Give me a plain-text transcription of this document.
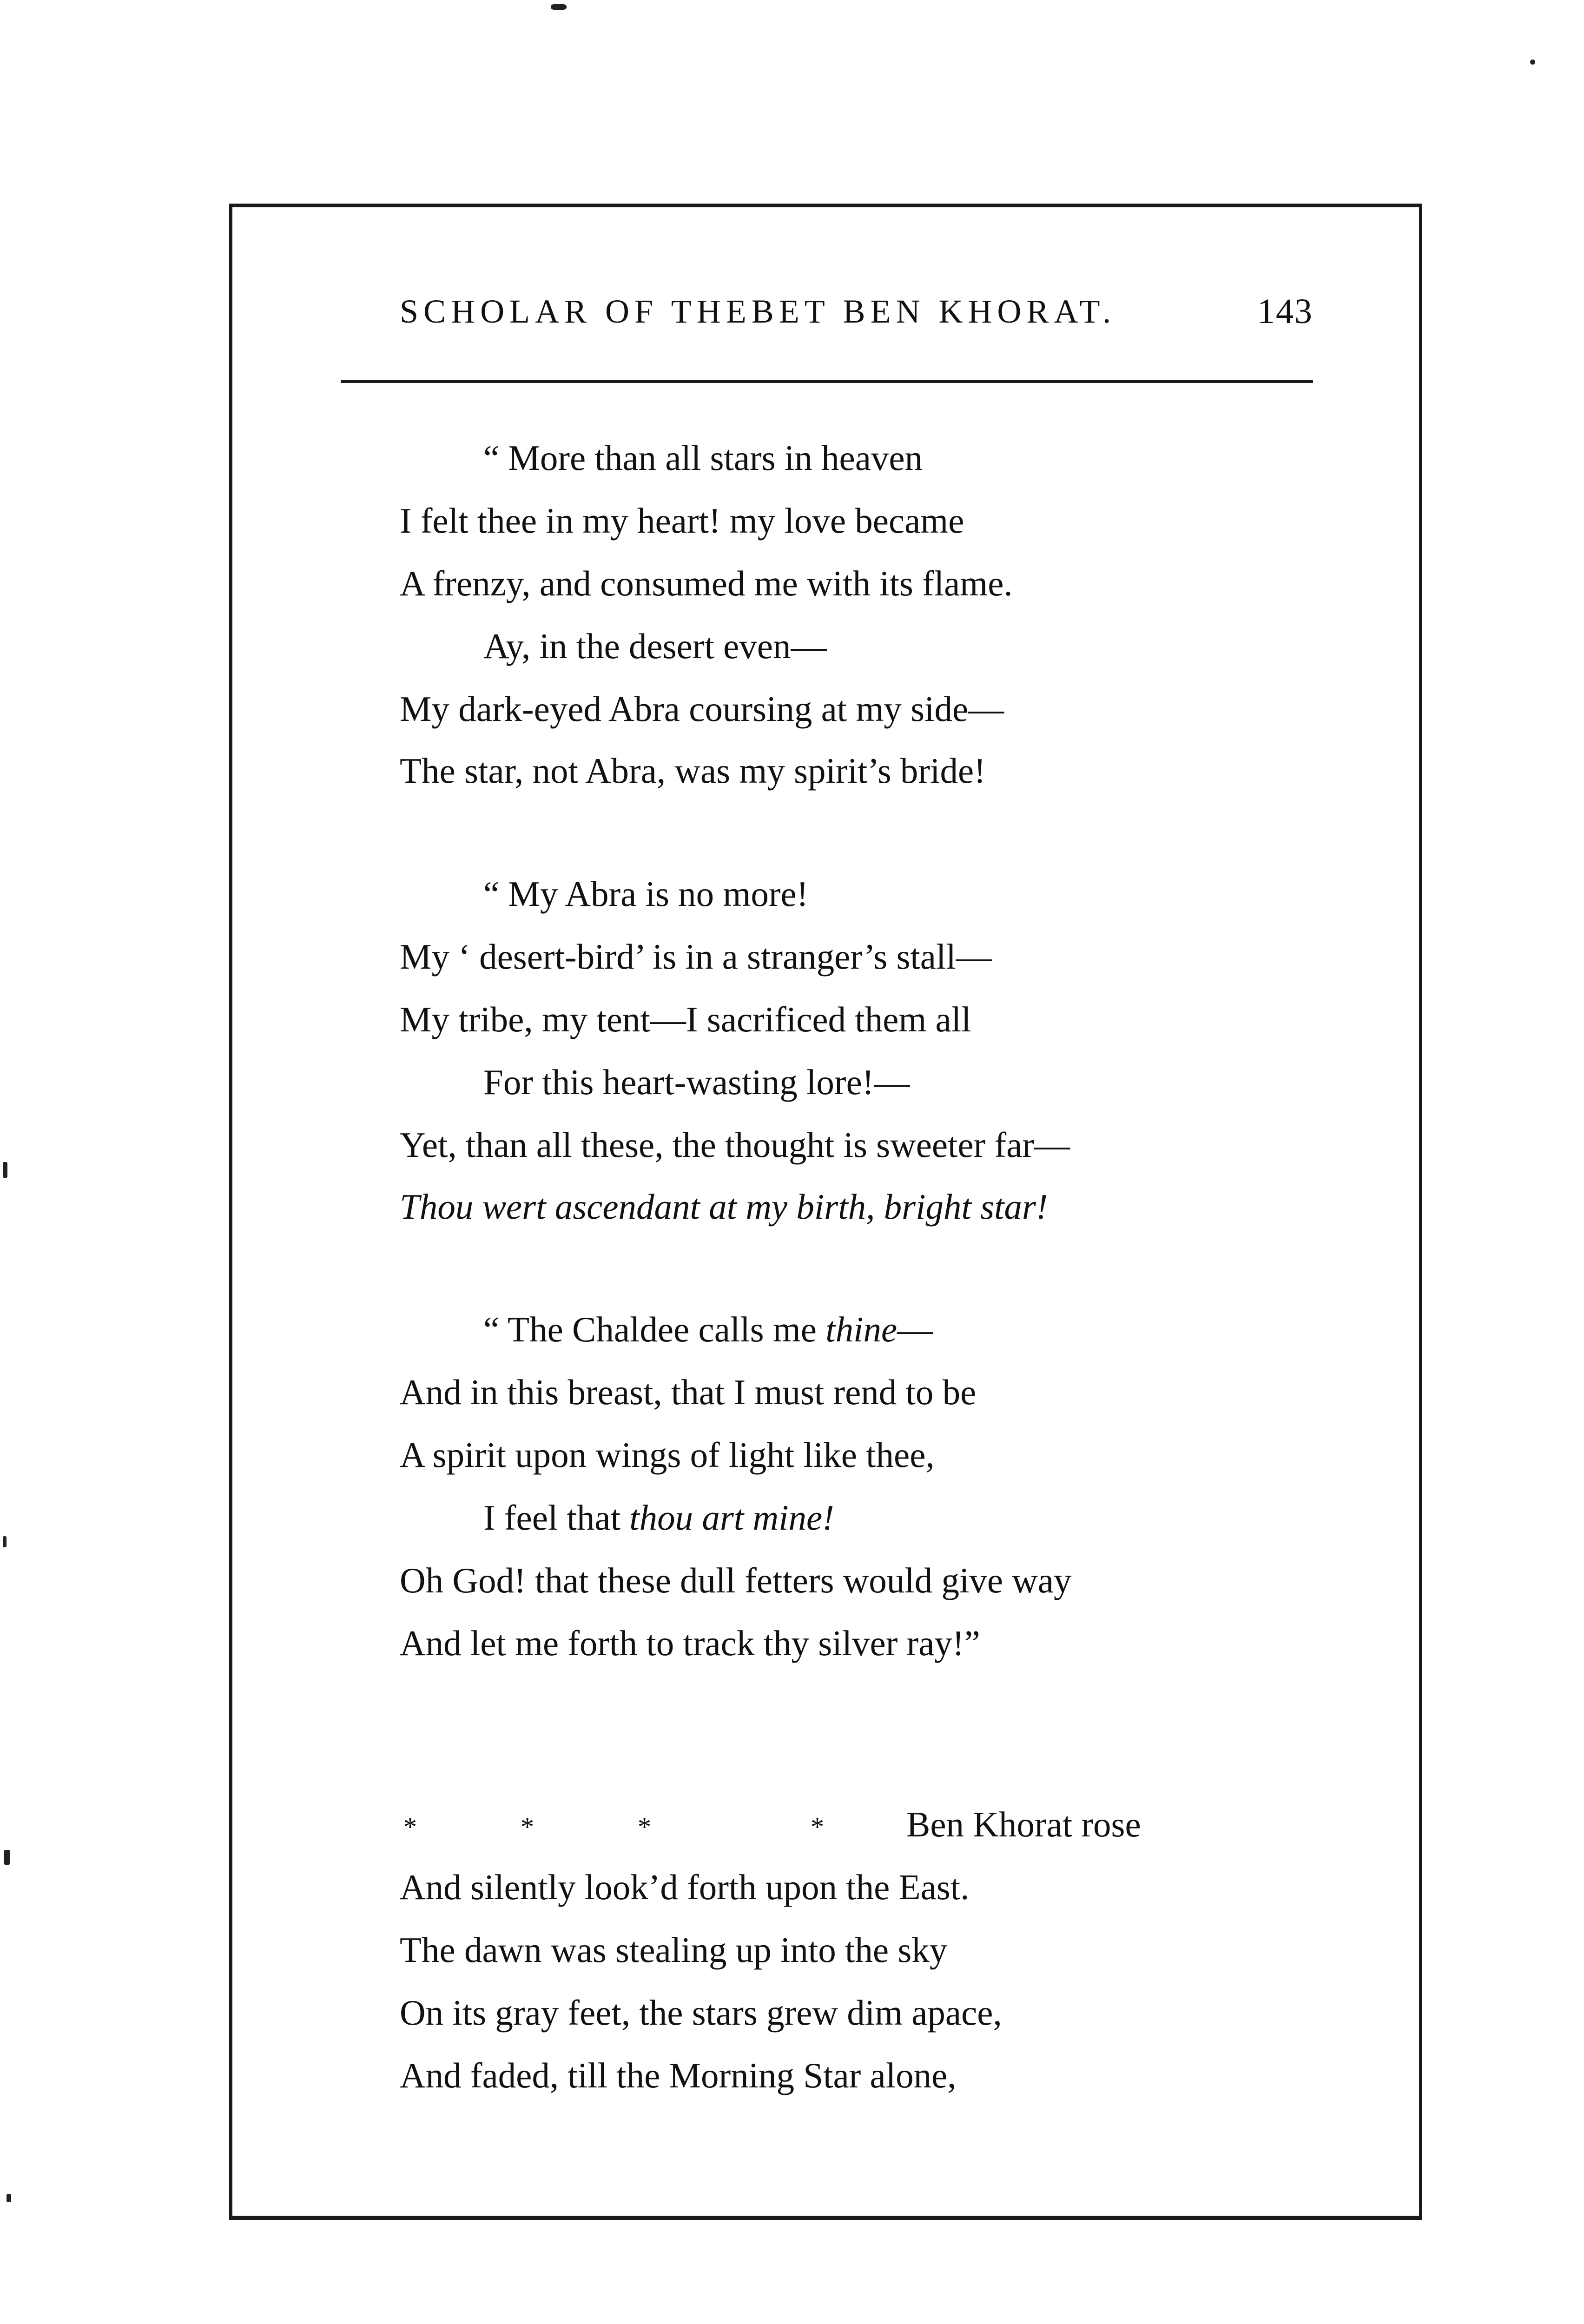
SCHOLAR OF THEBET BEN KHORAT.	143
“ More than all stars in heaven
I felt thee in my heart! my love became
A frenzy, and consumed me with its flame.
Ay, in the desert even—
My dark-eyed Abra coursing at my side—
The star, not Abra, was my spirit’s bride!
“ My Abra is no more!
My ‘ desert-bird’ is in a stranger’s stall—
My tribe, my tent—I sacrificed them all
For this heart-wasting lore!—
Yet, than all these, the thought is sweeter far—
Thou wert ascendant at my birth, bright star!
“ The Chaldee calls me thine—
And in this breast, that I must rend to be
A spirit upon wings of light like thee,
I feel that thou art mine!
Oh God! that these dull fetters would give way
And let me forth to track thy silver ray!”
*	*	*	* Ben Khorat rose
And silently look’d forth upon the East.
The dawn was stealing up into the sky
On its gray feet, the stars grew dim apace,
And faded, till the Morning Star alone,
